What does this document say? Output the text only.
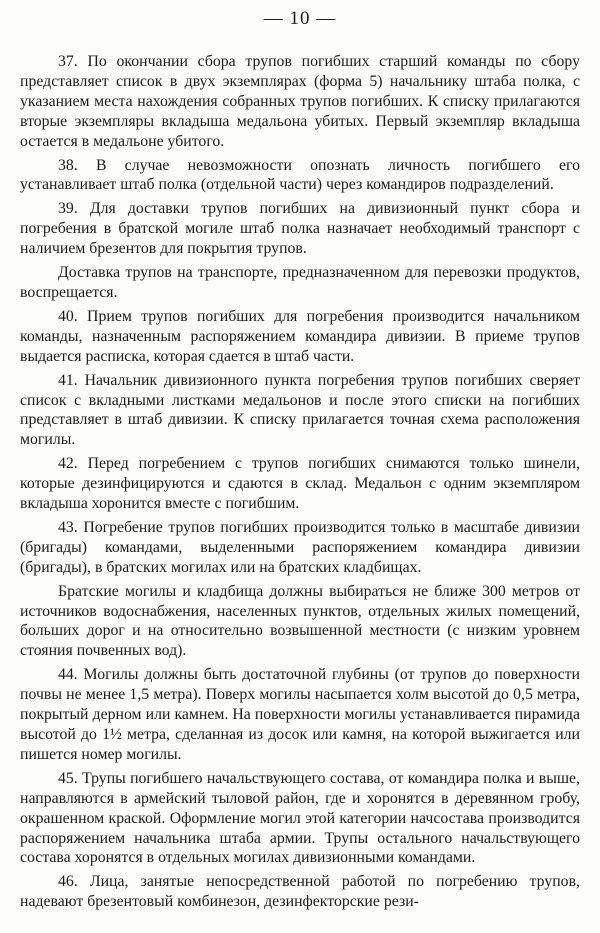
— 10 —

37. По окончании сбора трупов погибших старший команды по сбору представляет список в двух экземплярах (форма 5) начальнику штаба полка, с указанием места нахождения собранных трупов погибших. К списку прилагаются вторые экземпляры вкладыша медальона убитых. Первый экземпляр вкладыша остается в медальоне убитого.

38. В случае невозможности опознать личность погибшего его устанавливает штаб полка (отдельной части) через командиров подразделений.

39. Для доставки трупов погибших на дивизионный пункт сбора и погребения в братской могиле штаб полка назначает необходимый транспорт с наличием брезентов для покрытия трупов.

Доставка трупов на транспорте, предназначенном для перевозки продуктов, воспрещается.

40. Прием трупов погибших для погребения производится начальником команды, назначенным распоряжением командира дивизии. В приеме трупов выдается расписка, которая сдается в штаб части.

41. Начальник дивизионного пункта погребения трупов погибших сверяет список с вкладными листками медальонов и после этого списки на погибших представляет в штаб дивизии. К списку прилагается точная схема расположения могилы.

42. Перед погребением с трупов погибших снимаются только шинели, которые дезинфицируются и сдаются в склад. Медальон с одним экземпляром вкладыша хоронится вместе с погибшим.

43. Погребение трупов погибших производится только в масштабе дивизии (бригады) командами, выделенными распоряжением командира дивизии (бригады), в братских могилах или на братских кладбищах.

Братские могилы и кладбища должны выбираться не ближе 300 метров от источников водоснабжения, населенных пунктов, отдельных жилых помещений, больших дорог и на относительно возвышенной местности (с низким уровнем стояния почвенных вод).

44. Могилы должны быть достаточной глубины (от трупов до поверхности почвы не менее 1,5 метра). Поверх могилы насыпается холм высотой до 0,5 метра, покрытый дерном или камнем. На поверхности могилы устанавливается пирамида высотой до 1½ метра, сделанная из досок или камня, на которой выжигается или пишется номер могилы.

45. Трупы погибшего начальствующего состава, от командира полка и выше, направляются в армейский тыловой район, где и хоронятся в деревянном гробу, окрашенном краской. Оформление могил этой категории начсостава производится распоряжением начальника штаба армии. Трупы остального начальствующего состава хоронятся в отдельных могилах дивизионными командами.

46. Лица, занятые непосредственной работой по погребению трупов, надевают брезентовый комбинезон, дезинфекторские рези-
